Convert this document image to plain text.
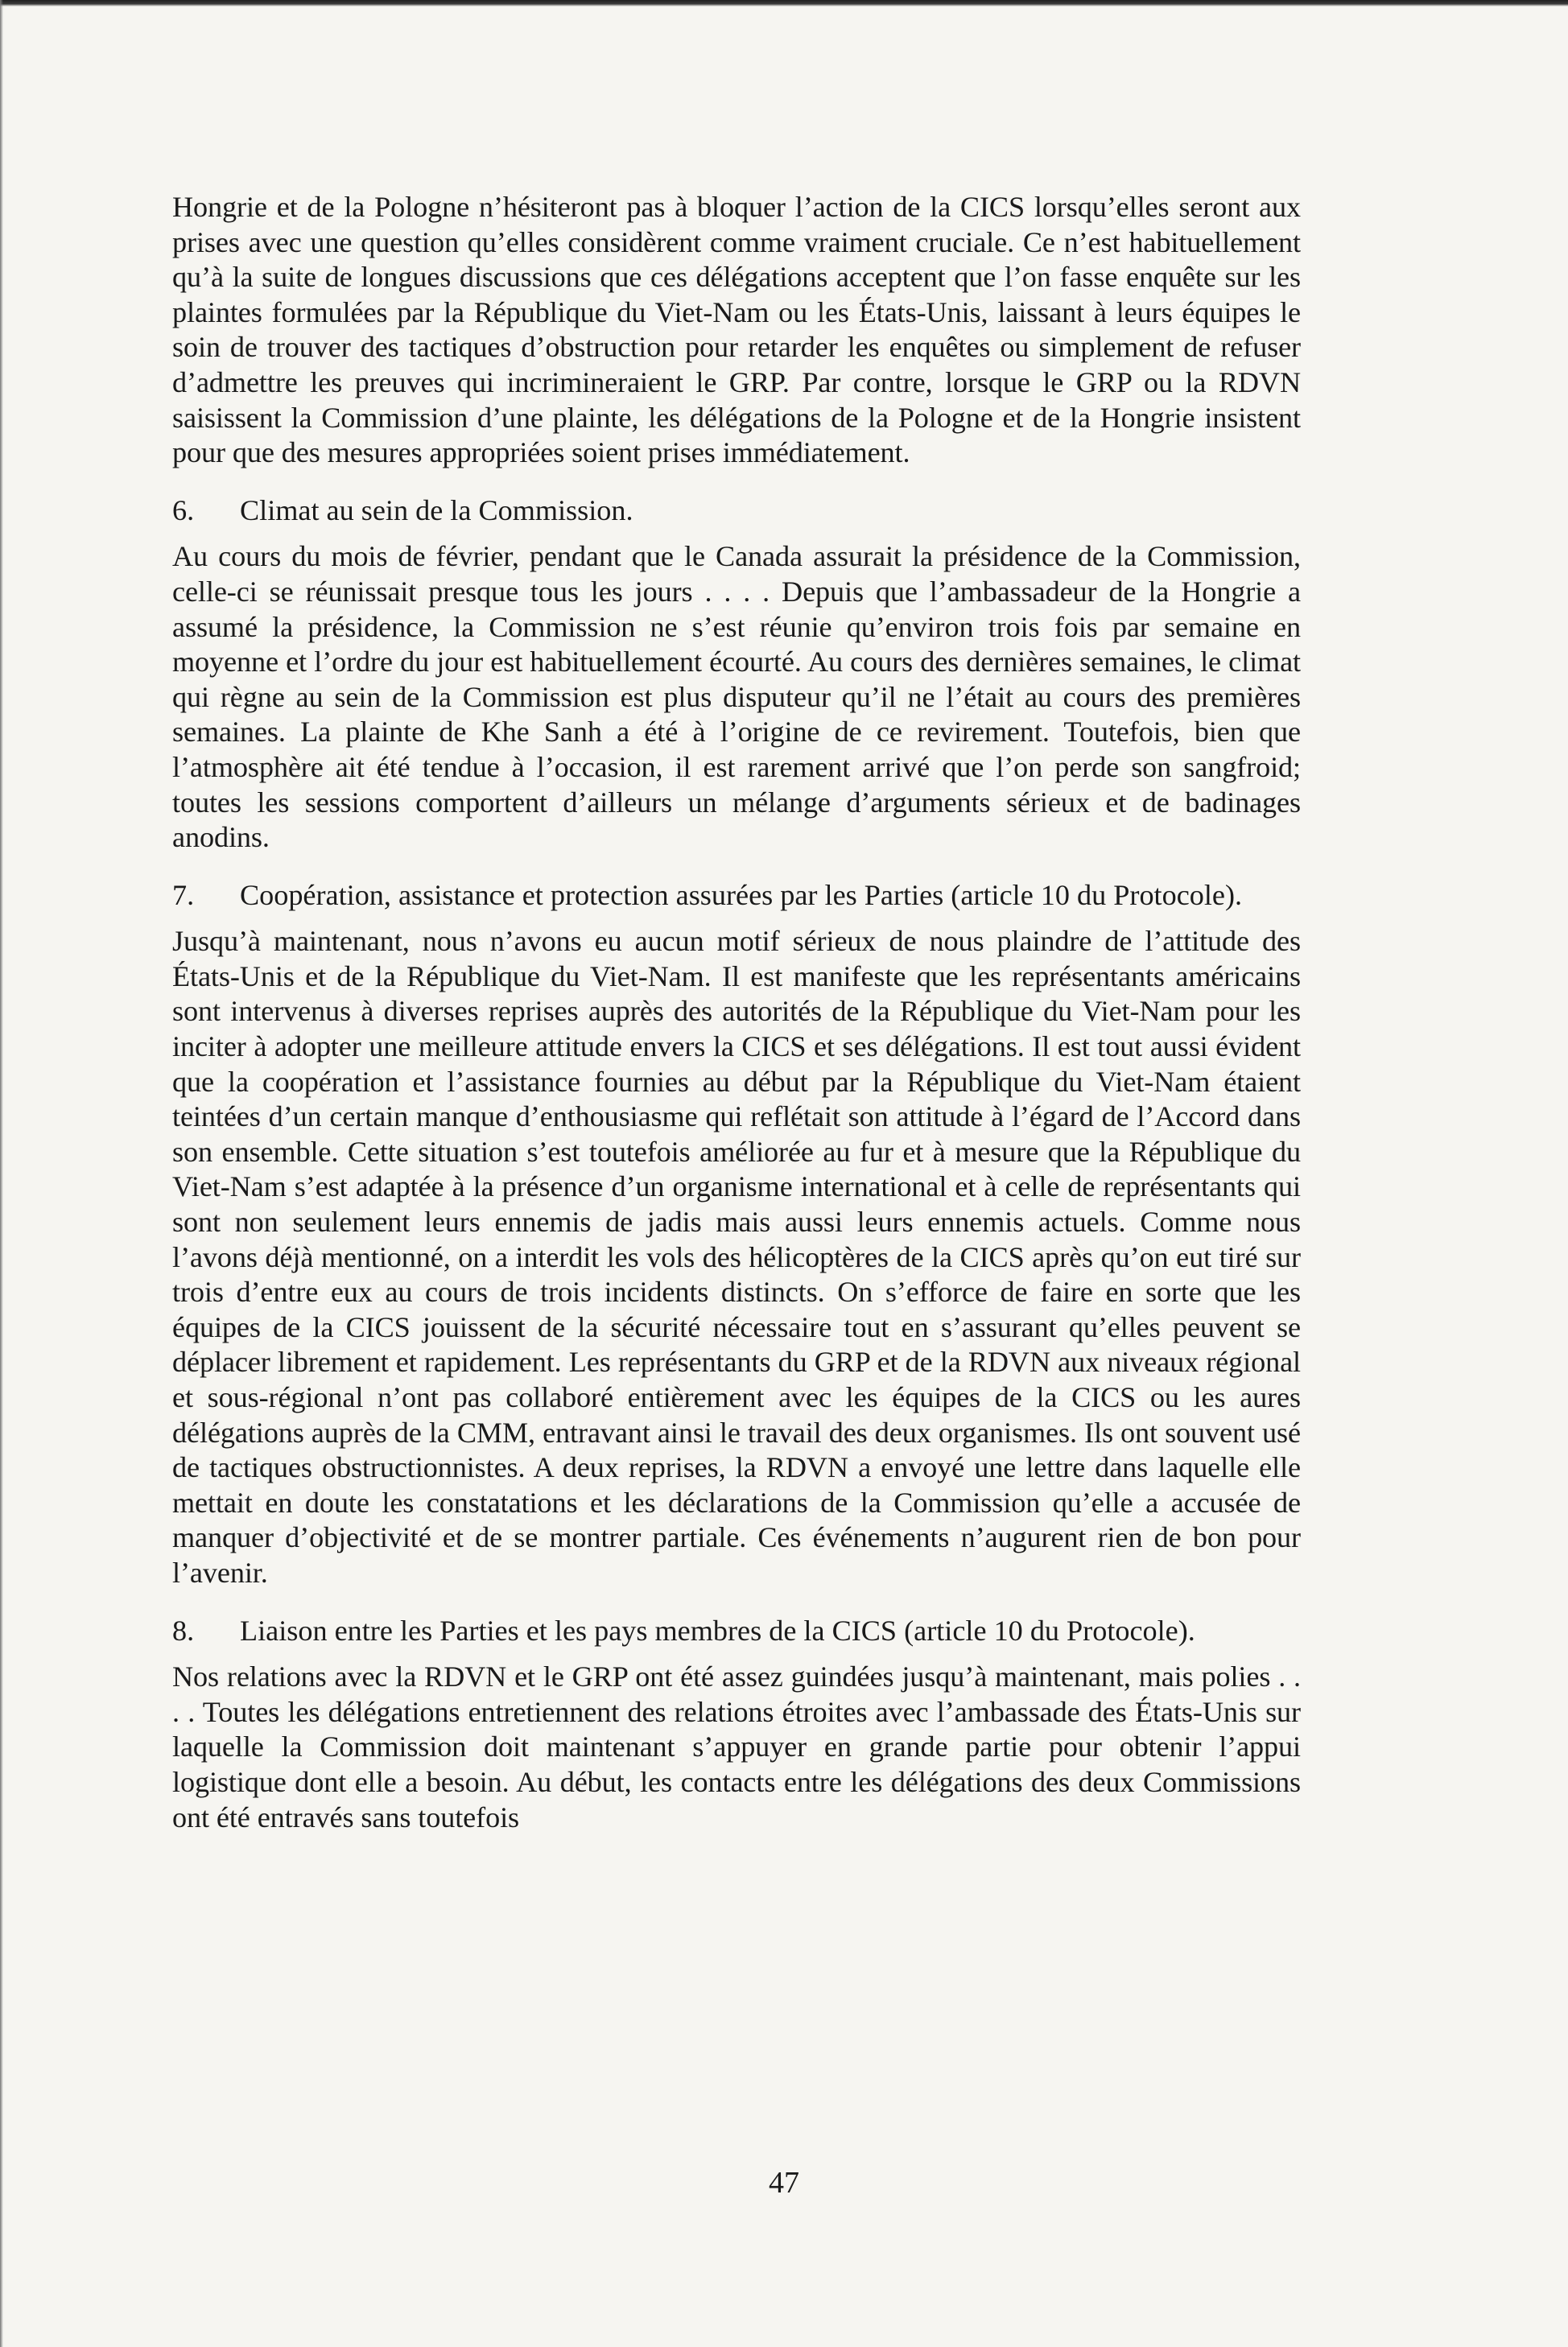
Hongrie et de la Pologne n’hésiteront pas à bloquer l’action de la CICS lorsqu’elles seront aux prises avec une question qu’elles considèrent comme vraiment cruciale. Ce n’est habituellement qu’à la suite de longues discussions que ces délégations acceptent que l’on fasse enquête sur les plaintes formulées par la République du Viet-Nam ou les États-Unis, laissant à leurs équipes le soin de trouver des tactiques d’obstruction pour retarder les enquêtes ou simplement de refuser d’admettre les preuves qui incrimineraient le GRP. Par contre, lorsque le GRP ou la RDVN saisissent la Commission d’une plainte, les délégations de la Pologne et de la Hongrie insistent pour que des mesures appropriées soient prises immédiatement.

6.	Climat au sein de la Commission.

Au cours du mois de février, pendant que le Canada assurait la présidence de la Commission, celle-ci se réunissait presque tous les jours . . . . Depuis que l’ambassadeur de la Hongrie a assumé la présidence, la Commission ne s’est réunie qu’environ trois fois par semaine en moyenne et l’ordre du jour est habituellement écourté. Au cours des dernières semaines, le climat qui règne au sein de la Commission est plus disputeur qu’il ne l’était au cours des premières semaines. La plainte de Khe Sanh a été à l’origine de ce revirement. Toutefois, bien que l’atmosphère ait été tendue à l’occasion, il est rarement arrivé que l’on perde son sangfroid; toutes les sessions comportent d’ailleurs un mélange d’arguments sérieux et de badinages anodins.

7.	Coopération, assistance et protection assurées par les Parties (article 10 du Protocole).

Jusqu’à maintenant, nous n’avons eu aucun motif sérieux de nous plaindre de l’attitude des États-Unis et de la République du Viet-Nam. Il est manifeste que les représentants américains sont intervenus à diverses reprises auprès des autorités de la République du Viet-Nam pour les inciter à adopter une meilleure attitude envers la CICS et ses délégations. Il est tout aussi évident que la coopération et l’assistance fournies au début par la République du Viet-Nam étaient teintées d’un certain manque d’enthousiasme qui reflétait son attitude à l’égard de l’Accord dans son ensemble. Cette situation s’est toutefois améliorée au fur et à mesure que la République du Viet-Nam s’est adaptée à la présence d’un organisme international et à celle de représentants qui sont non seulement leurs ennemis de jadis mais aussi leurs ennemis actuels. Comme nous l’avons déjà mentionné, on a interdit les vols des hélicoptères de la CICS après qu’on eut tiré sur trois d’entre eux au cours de trois incidents distincts. On s’efforce de faire en sorte que les équipes de la CICS jouissent de la sécurité nécessaire tout en s’assurant qu’elles peuvent se déplacer librement et rapidement. Les représentants du GRP et de la RDVN aux niveaux régional et sous-régional n’ont pas collaboré entièrement avec les équipes de la CICS ou les aures délégations auprès de la CMM, entravant ainsi le travail des deux organismes. Ils ont souvent usé de tactiques obstructionnistes. A deux reprises, la RDVN a envoyé une lettre dans laquelle elle mettait en doute les constatations et les déclarations de la Commission qu’elle a accusée de manquer d’objectivité et de se montrer partiale. Ces événements n’augurent rien de bon pour l’avenir.

8.	Liaison entre les Parties et les pays membres de la CICS (article 10 du Protocole).

Nos relations avec la RDVN et le GRP ont été assez guindées jusqu’à maintenant, mais polies . . . . Toutes les délégations entretiennent des relations étroites avec l’ambassade des États-Unis sur laquelle la Commission doit maintenant s’appuyer en grande partie pour obtenir l’appui logistique dont elle a besoin. Au début, les contacts entre les délégations des deux Commissions ont été entravés sans toutefois

47
